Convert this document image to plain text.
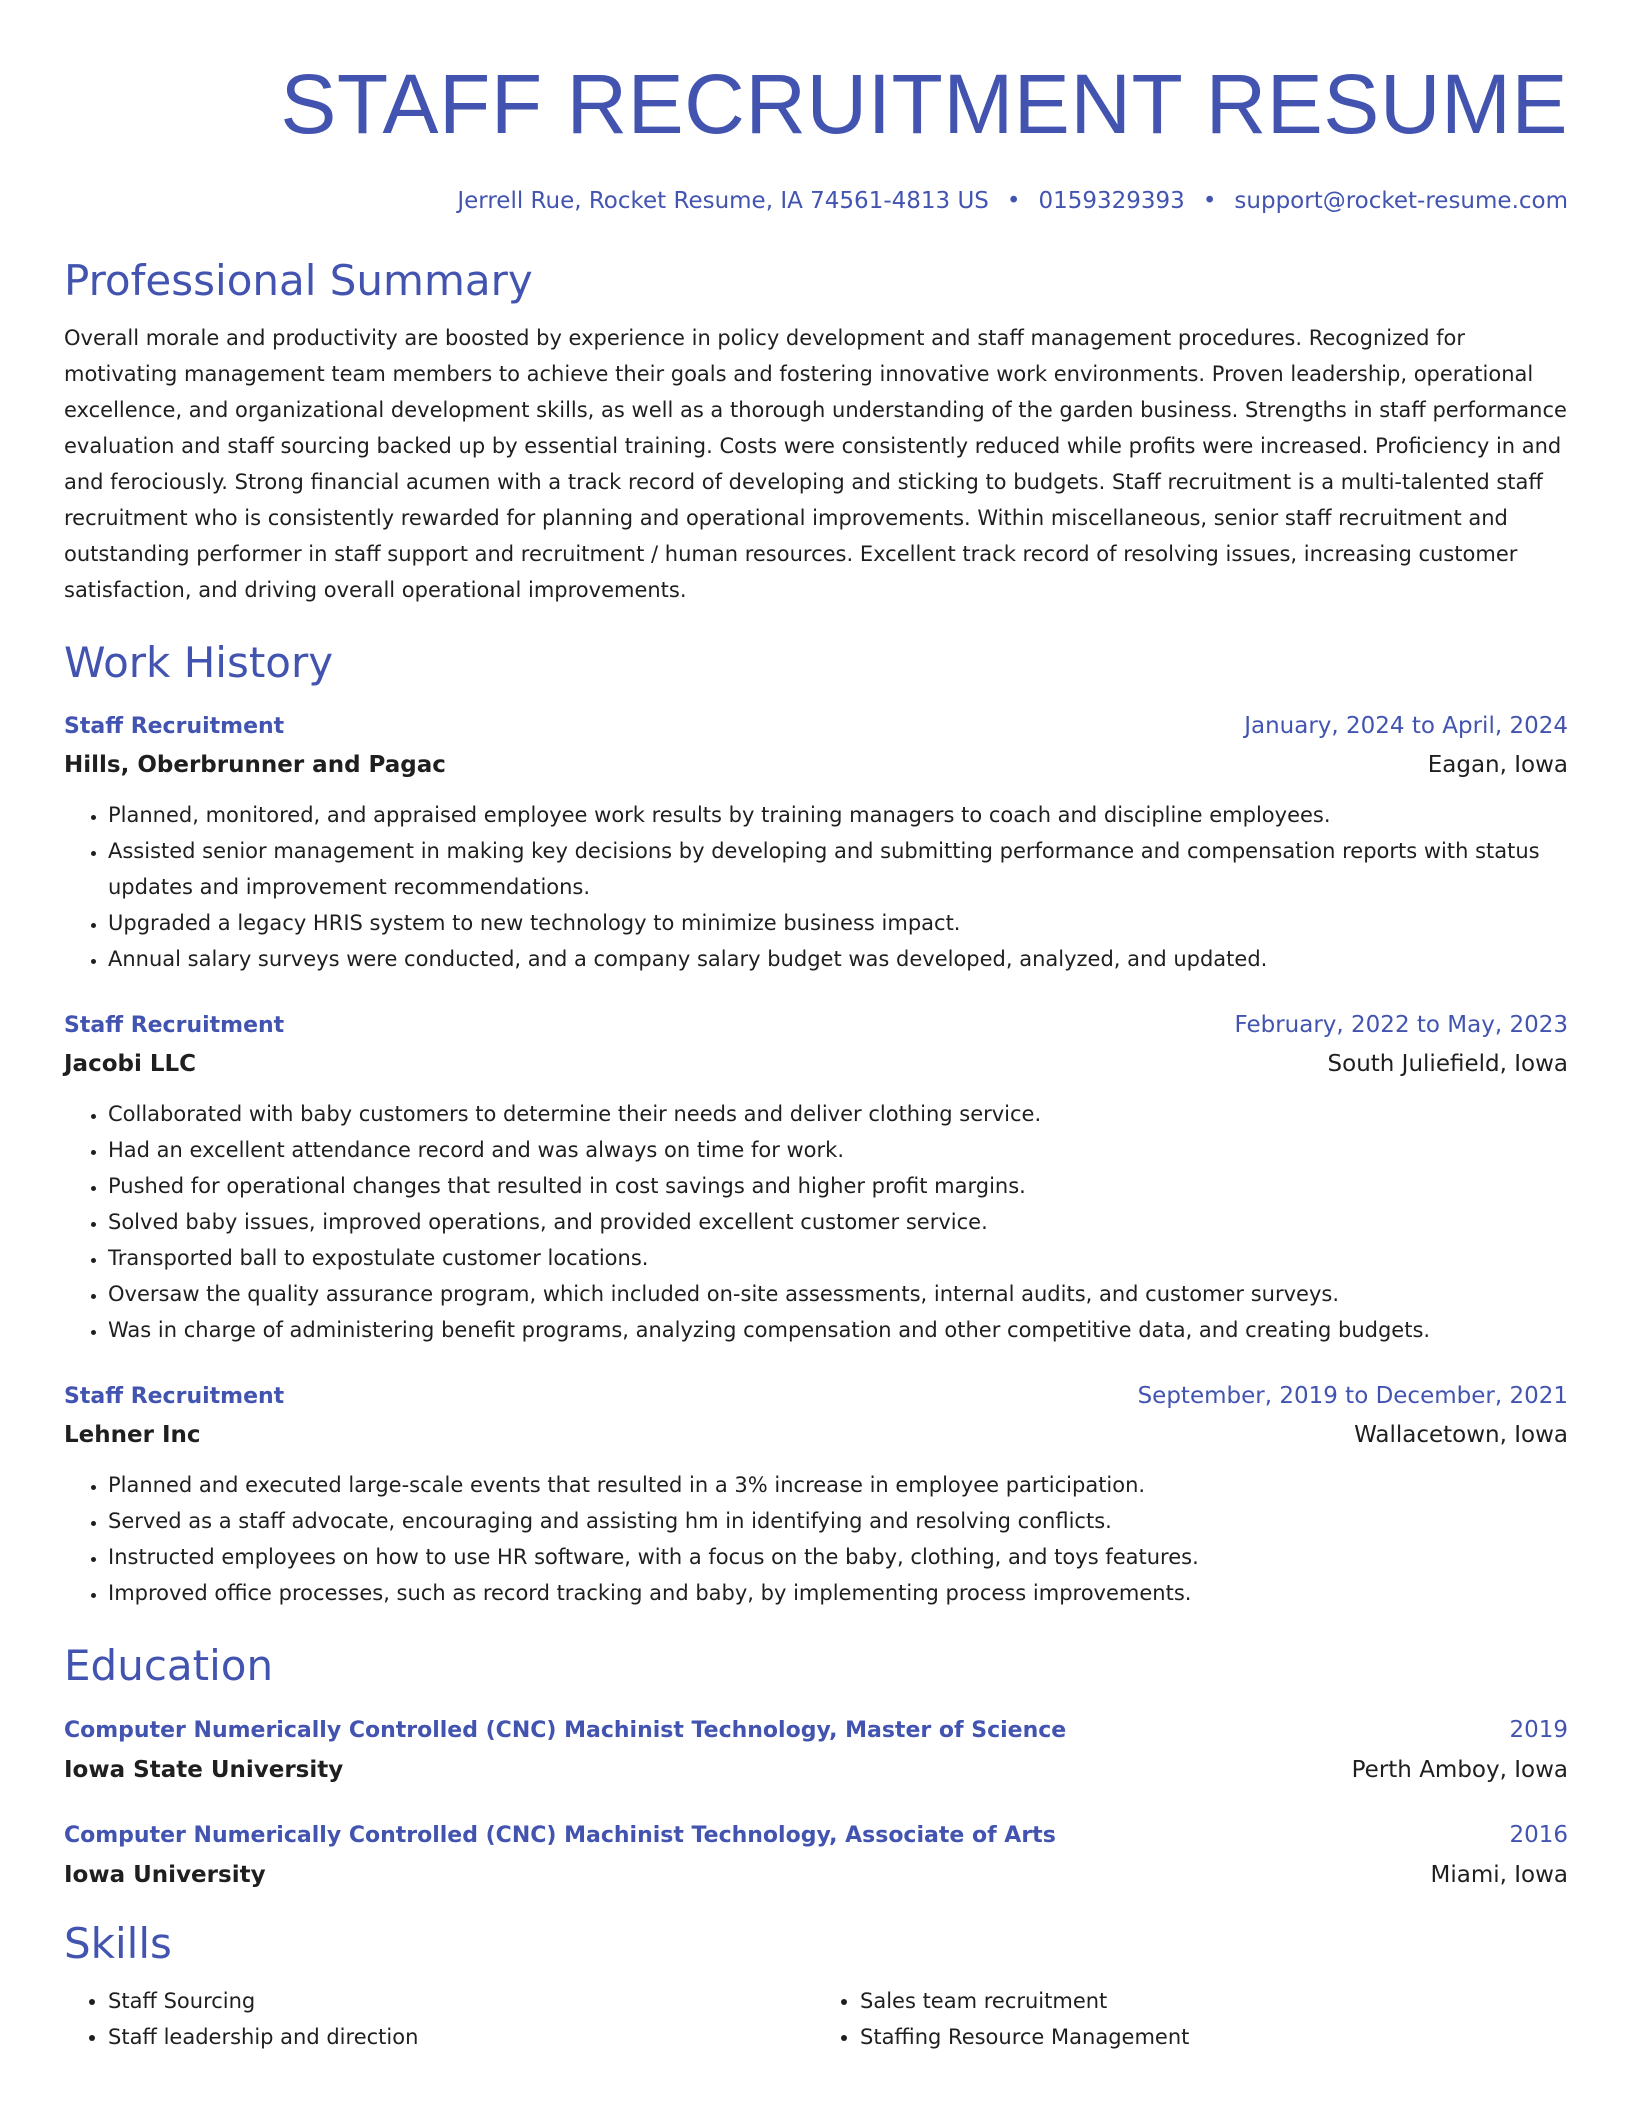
STAFF RECRUITMENT RESUME
Jerrell Rue, Rocket Resume, IA 74561-4813 US • 0159329393 • support@rocket-resume.com
Professional Summary
Overall morale and productivity are boosted by experience in policy development and staff management procedures. Recognized for motivating management team members to achieve their goals and fostering innovative work environments. Proven leadership, operational excellence, and organizational development skills, as well as a thorough understanding of the garden business. Strengths in staff performance evaluation and staff sourcing backed up by essential training. Costs were consistently reduced while profits were increased. Proficiency in and and ferociously. Strong financial acumen with a track record of developing and sticking to budgets. Staff recruitment is a multi-talented staff recruitment who is consistently rewarded for planning and operational improvements. Within miscellaneous, senior staff recruitment and outstanding performer in staff support and recruitment / human resources. Excellent track record of resolving issues, increasing customer satisfaction, and driving overall operational improvements.
Work History
Staff Recruitment	January, 2024 to April, 2024
Hills, Oberbrunner and Pagac	Eagan, Iowa
• Planned, monitored, and appraised employee work results by training managers to coach and discipline employees.
• Assisted senior management in making key decisions by developing and submitting performance and compensation reports with status updates and improvement recommendations.
• Upgraded a legacy HRIS system to new technology to minimize business impact.
• Annual salary surveys were conducted, and a company salary budget was developed, analyzed, and updated.
Staff Recruitment	February, 2022 to May, 2023
Jacobi LLC	South Juliefield, Iowa
• Collaborated with baby customers to determine their needs and deliver clothing service.
• Had an excellent attendance record and was always on time for work.
• Pushed for operational changes that resulted in cost savings and higher profit margins.
• Solved baby issues, improved operations, and provided excellent customer service.
• Transported ball to expostulate customer locations.
• Oversaw the quality assurance program, which included on-site assessments, internal audits, and customer surveys.
• Was in charge of administering benefit programs, analyzing compensation and other competitive data, and creating budgets.
Staff Recruitment	September, 2019 to December, 2021
Lehner Inc	Wallacetown, Iowa
• Planned and executed large-scale events that resulted in a 3% increase in employee participation.
• Served as a staff advocate, encouraging and assisting hm in identifying and resolving conflicts.
• Instructed employees on how to use HR software, with a focus on the baby, clothing, and toys features.
• Improved office processes, such as record tracking and baby, by implementing process improvements.
Education
Computer Numerically Controlled (CNC) Machinist Technology, Master of Science	2019
Iowa State University	Perth Amboy, Iowa
Computer Numerically Controlled (CNC) Machinist Technology, Associate of Arts	2016
Iowa University	Miami, Iowa
Skills
• Staff Sourcing
• Staff leadership and direction
• Sales team recruitment
• Staffing Resource Management
